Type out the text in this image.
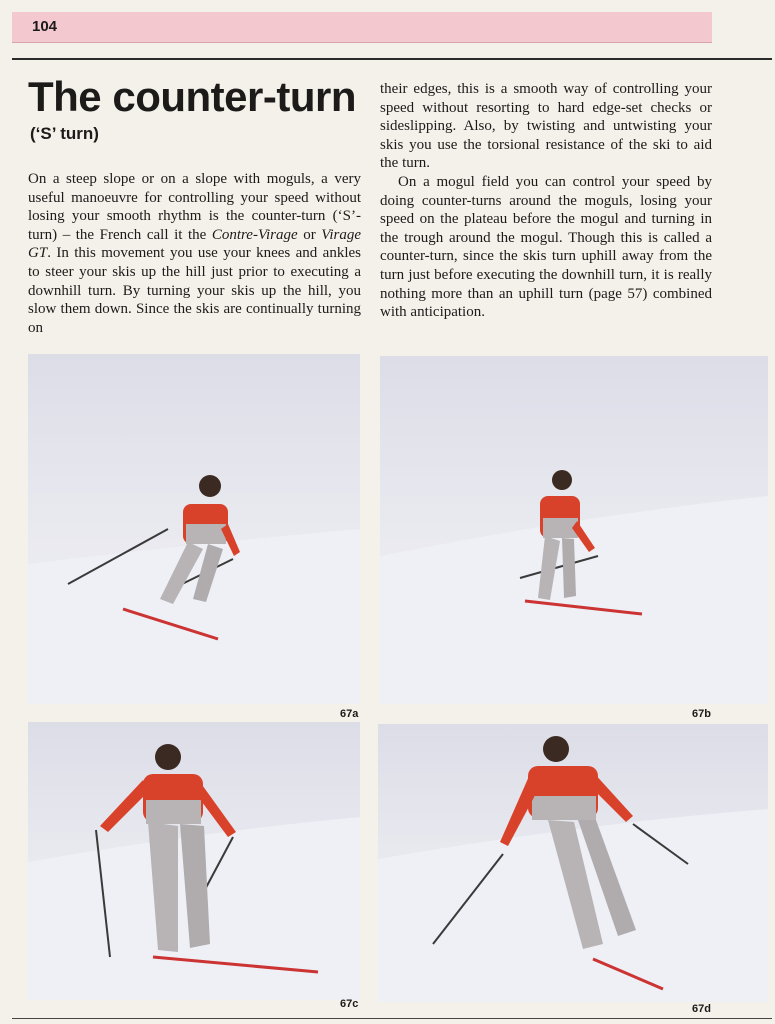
104
The counter-turn
(‘S’ turn)

On a steep slope or on a slope with moguls, a very useful manoeuvre for controlling your speed without losing your smooth rhythm is the counter-turn (‘S’-turn) – the French call it the Contre-Virage or Virage GT. In this movement you use your knees and ankles to steer your skis up the hill just prior to executing a downhill turn. By turning your skis up the hill, you slow them down. Since the skis are continually turning on

their edges, this is a smooth way of controlling your speed without resorting to hard edge-set checks or sideslipping. Also, by twisting and untwisting your skis you use the torsional resistance of the ski to aid the turn.

On a mogul field you can control your speed by doing counter-turns around the moguls, losing your speed on the plateau before the mogul and turning in the trough around the mogul. Though this is called a counter-turn, since the skis turn uphill away from the turn just before executing the downhill turn, it is really nothing more than an uphill turn (page 57) combined with anticipation.

67a	67b
67c	67d
